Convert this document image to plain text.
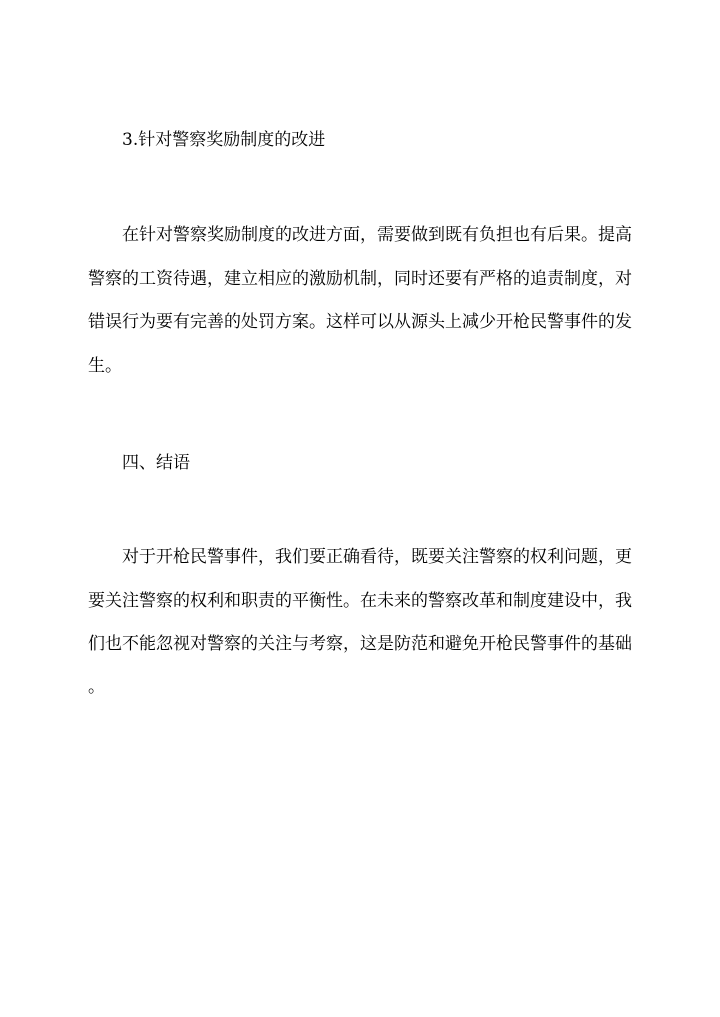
3.针对警察奖励制度的改进
在针对警察奖励制度的改进方面，需要做到既有负担也有后果。提高
警察的工资待遇，建立相应的激励机制，同时还要有严格的追责制度，对
错误行为要有完善的处罚方案。这样可以从源头上减少开枪民警事件的发
生。
四、结语
对于开枪民警事件，我们要正确看待，既要关注警察的权利问题，更
要关注警察的权利和职责的平衡性。在未来的警察改革和制度建设中，我
们也不能忽视对警察的关注与考察，这是防范和避免开枪民警事件的基础
。
